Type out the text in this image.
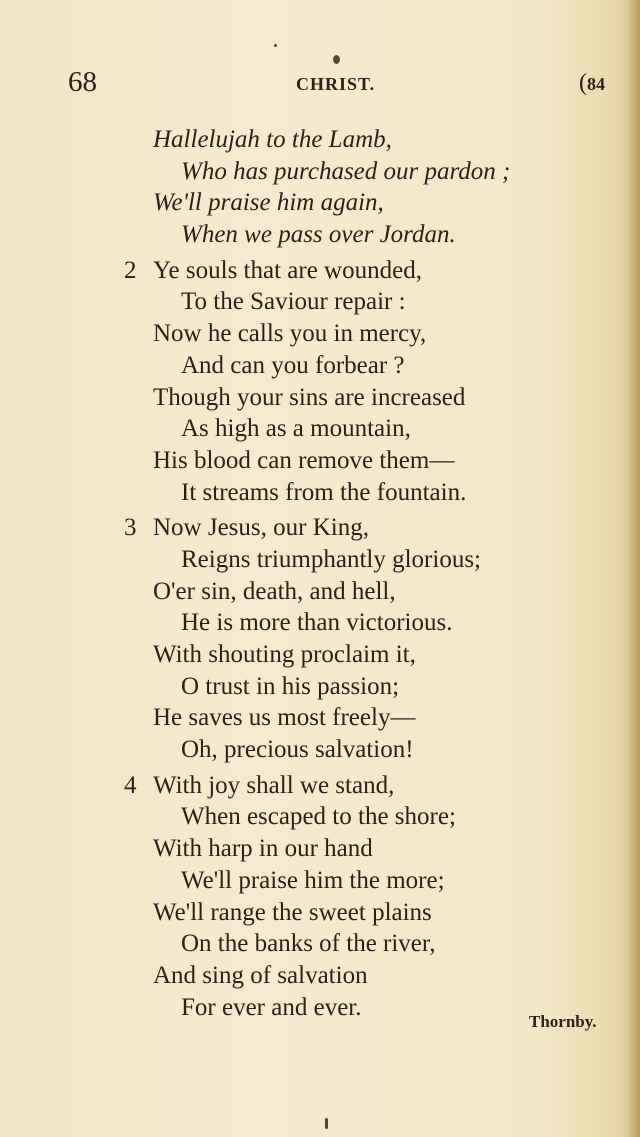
68	CHRIST.	(84
Hallelujah to the Lamb,
Who has purchased our pardon ;
We'll praise him again,
When we pass over Jordan.
2 Ye souls that are wounded,
To the Saviour repair :
Now he calls you in mercy,
And can you forbear ?
Though your sins are increased
As high as a mountain,
His blood can remove them—
It streams from the fountain.
3 Now Jesus, our King,
Reigns triumphantly glorious;
O'er sin, death, and hell,
He is more than victorious.
With shouting proclaim it,
O trust in his passion;
He saves us most freely—
Oh, precious salvation!
4 With joy shall we stand,
When escaped to the shore;
With harp in our hand
We'll praise him the more;
We'll range the sweet plains
On the banks of the river,
And sing of salvation
For ever and ever.
Thornby.
